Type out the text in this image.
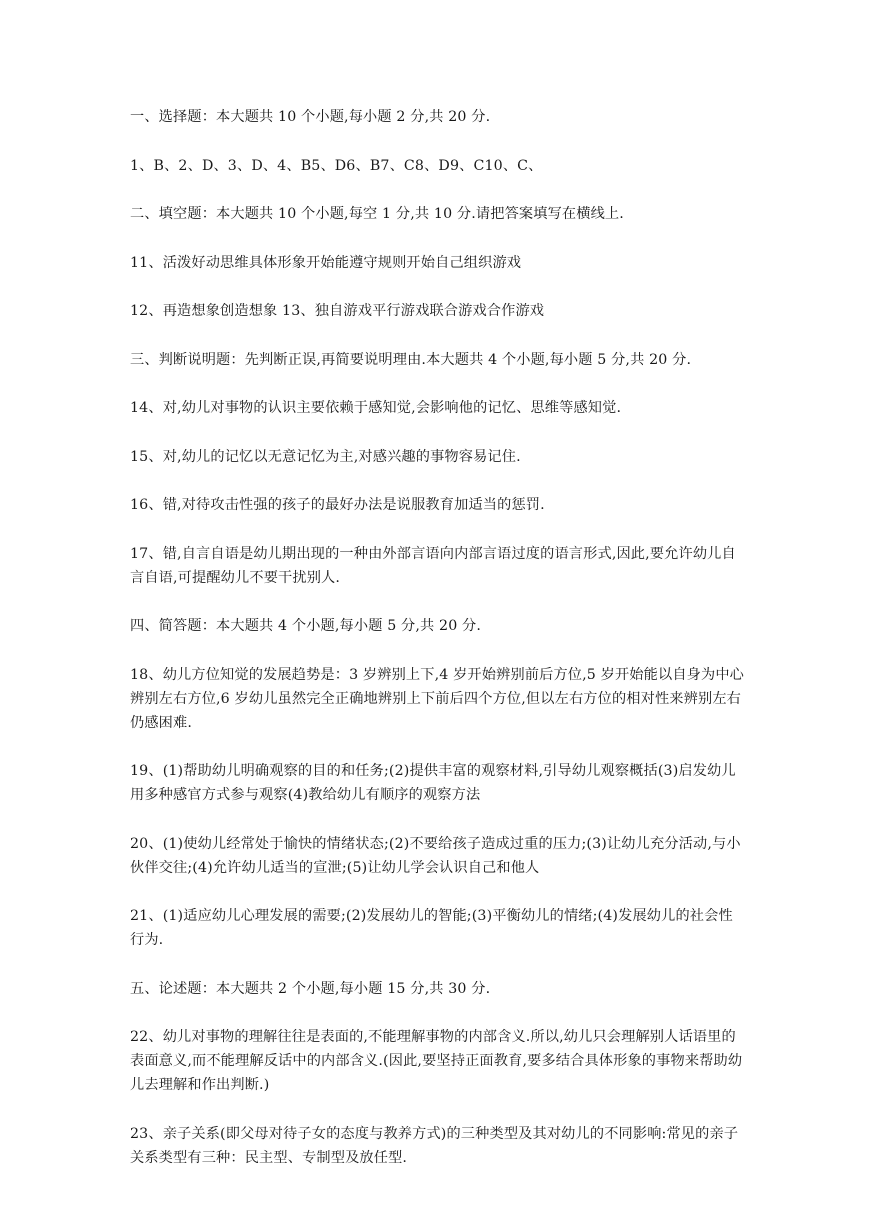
一、选择题：本大题共 10 个小题,每小题 2 分,共 20 分.

1、B、2、D、3、D、4、B5、D6、B7、C8、D9、C10、C、

二、填空题：本大题共 10 个小题,每空 1 分,共 10 分.请把答案填写在横线上.

11、活泼好动思维具体形象开始能遵守规则开始自己组织游戏

12、再造想象创造想象 13、独自游戏平行游戏联合游戏合作游戏

三、判断说明题：先判断正误,再简要说明理由.本大题共 4 个小题,每小题 5 分,共 20 分.

14、对,幼儿对事物的认识主要依赖于感知觉,会影响他的记忆、思维等感知觉.

15、对,幼儿的记忆以无意记忆为主,对感兴趣的事物容易记住.

16、错,对待攻击性强的孩子的最好办法是说服教育加适当的惩罚.

17、错,自言自语是幼儿期出现的一种由外部言语向内部言语过度的语言形式,因此,要允许幼儿自言自语,可提醒幼儿不要干扰别人.

四、简答题：本大题共 4 个小题,每小题 5 分,共 20 分.

18、幼儿方位知觉的发展趋势是：3 岁辨别上下,4 岁开始辨别前后方位,5 岁开始能以自身为中心辨别左右方位,6 岁幼儿虽然完全正确地辨别上下前后四个方位,但以左右方位的相对性来辨别左右仍感困难.

19、(1)帮助幼儿明确观察的目的和任务;(2)提供丰富的观察材料,引导幼儿观察概括(3)启发幼儿用多种感官方式参与观察(4)教给幼儿有顺序的观察方法

20、(1)使幼儿经常处于愉快的情绪状态;(2)不要给孩子造成过重的压力;(3)让幼儿充分活动,与小伙伴交往;(4)允许幼儿适当的宣泄;(5)让幼儿学会认识自己和他人

21、(1)适应幼儿心理发展的需要;(2)发展幼儿的智能;(3)平衡幼儿的情绪;(4)发展幼儿的社会性行为.

五、论述题：本大题共 2 个小题,每小题 15 分,共 30 分.

22、幼儿对事物的理解往往是表面的,不能理解事物的内部含义.所以,幼儿只会理解别人话语里的表面意义,而不能理解反话中的内部含义.(因此,要坚持正面教育,要多结合具体形象的事物来帮助幼儿去理解和作出判断.)

23、亲子关系(即父母对待子女的态度与教养方式)的三种类型及其对幼儿的不同影响:常见的亲子关系类型有三种：民主型、专制型及放任型.
